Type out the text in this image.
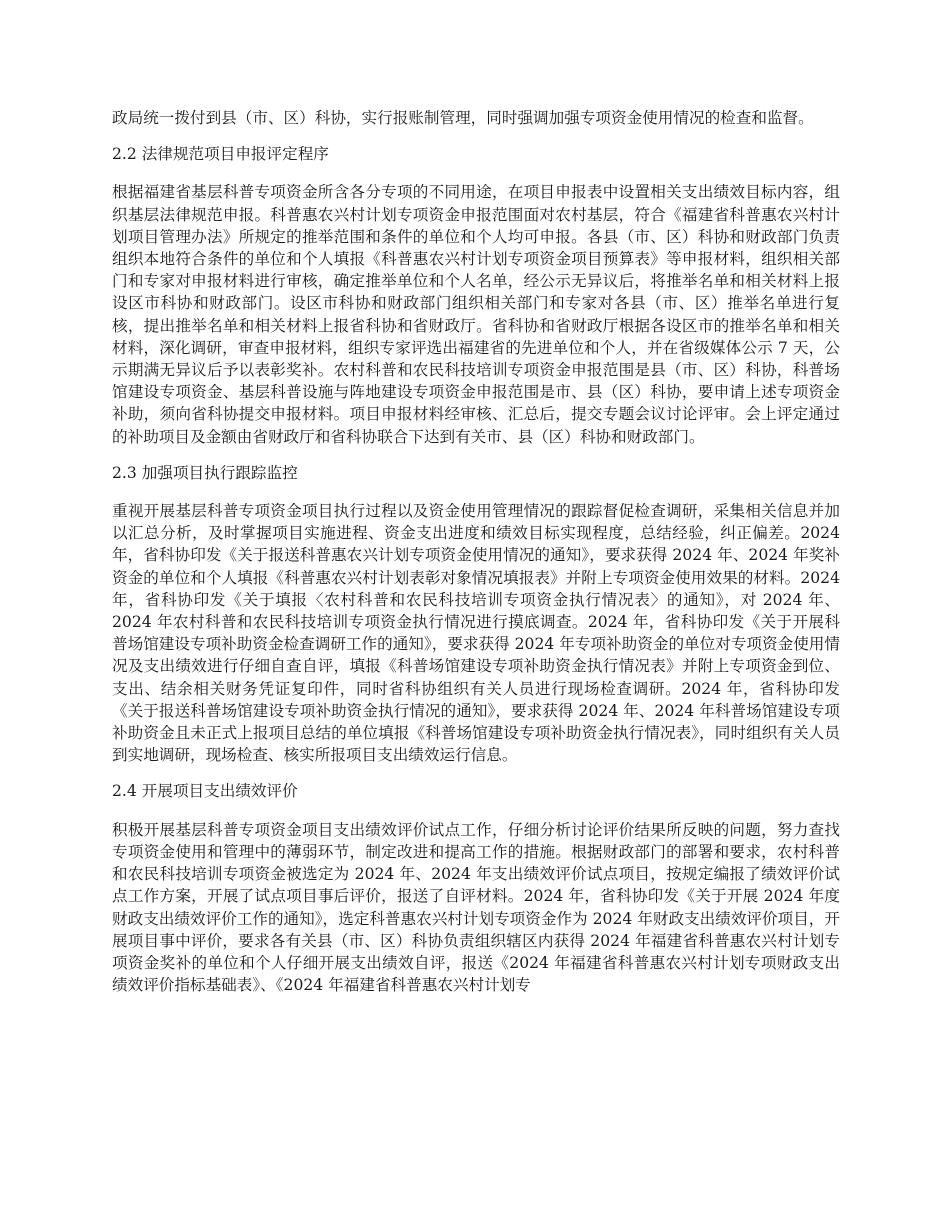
政局统一拨付到县（市、区）科协，实行报账制管理，同时强调加强专项资金使用情况的检查和监督。

2.2 法律规范项目申报评定程序

根据福建省基层科普专项资金所含各分专项的不同用途，在项目申报表中设置相关支出绩效目标内容，组织基层法律规范申报。科普惠农兴村计划专项资金申报范围面对农村基层，符合《福建省科普惠农兴村计划项目管理办法》所规定的推举范围和条件的单位和个人均可申报。各县（市、区）科协和财政部门负责组织本地符合条件的单位和个人填报《科普惠农兴村计划专项资金项目预算表》等申报材料，组织相关部门和专家对申报材料进行审核，确定推举单位和个人名单，经公示无异议后，将推举名单和相关材料上报设区市科协和财政部门。设区市科协和财政部门组织相关部门和专家对各县（市、区）推举名单进行复核，提出推举名单和相关材料上报省科协和省财政厅。省科协和省财政厅根据各设区市的推举名单和相关材料，深化调研，审查申报材料，组织专家评选出福建省的先进单位和个人，并在省级媒体公示 7 天，公示期满无异议后予以表彰奖补。农村科普和农民科技培训专项资金申报范围是县（市、区）科协，科普场馆建设专项资金、基层科普设施与阵地建设专项资金申报范围是市、县（区）科协，要申请上述专项资金补助，须向省科协提交申报材料。项目申报材料经审核、汇总后，提交专题会议讨论评审。会上评定通过的补助项目及金额由省财政厅和省科协联合下达到有关市、县（区）科协和财政部门。

2.3 加强项目执行跟踪监控

重视开展基层科普专项资金项目执行过程以及资金使用管理情况的跟踪督促检查调研，采集相关信息并加以汇总分析，及时掌握项目实施进程、资金支出进度和绩效目标实现程度，总结经验，纠正偏差。2024 年，省科协印发《关于报送科普惠农兴计划专项资金使用情况的通知》，要求获得 2024 年、2024 年奖补资金的单位和个人填报《科普惠农兴村计划表彰对象情况填报表》并附上专项资金使用效果的材料。2024 年，省科协印发《关于填报〈农村科普和农民科技培训专项资金执行情况表〉的通知》，对 2024 年、2024 年农村科普和农民科技培训专项资金执行情况进行摸底调查。2024 年，省科协印发《关于开展科普场馆建设专项补助资金检查调研工作的通知》，要求获得 2024 年专项补助资金的单位对专项资金使用情况及支出绩效进行仔细自查自评，填报《科普场馆建设专项补助资金执行情况表》并附上专项资金到位、支出、结余相关财务凭证复印件，同时省科协组织有关人员进行现场检查调研。2024 年，省科协印发《关于报送科普场馆建设专项补助资金执行情况的通知》，要求获得 2024 年、2024 年科普场馆建设专项补助资金且未正式上报项目总结的单位填报《科普场馆建设专项补助资金执行情况表》，同时组织有关人员到实地调研，现场检查、核实所报项目支出绩效运行信息。

2.4 开展项目支出绩效评价

积极开展基层科普专项资金项目支出绩效评价试点工作，仔细分析讨论评价结果所反映的问题，努力查找专项资金使用和管理中的薄弱环节，制定改进和提高工作的措施。根据财政部门的部署和要求，农村科普和农民科技培训专项资金被选定为 2024 年、2024 年支出绩效评价试点项目，按规定编报了绩效评价试点工作方案，开展了试点项目事后评价，报送了自评材料。2024 年，省科协印发《关于开展 2024 年度财政支出绩效评价工作的通知》，选定科普惠农兴村计划专项资金作为 2024 年财政支出绩效评价项目，开展项目事中评价，要求各有关县（市、区）科协负责组织辖区内获得 2024 年福建省科普惠农兴村计划专项资金奖补的单位和个人仔细开展支出绩效自评，报送《2024 年福建省科普惠农兴村计划专项财政支出绩效评价指标基础表》、《2024 年福建省科普惠农兴村计划专
